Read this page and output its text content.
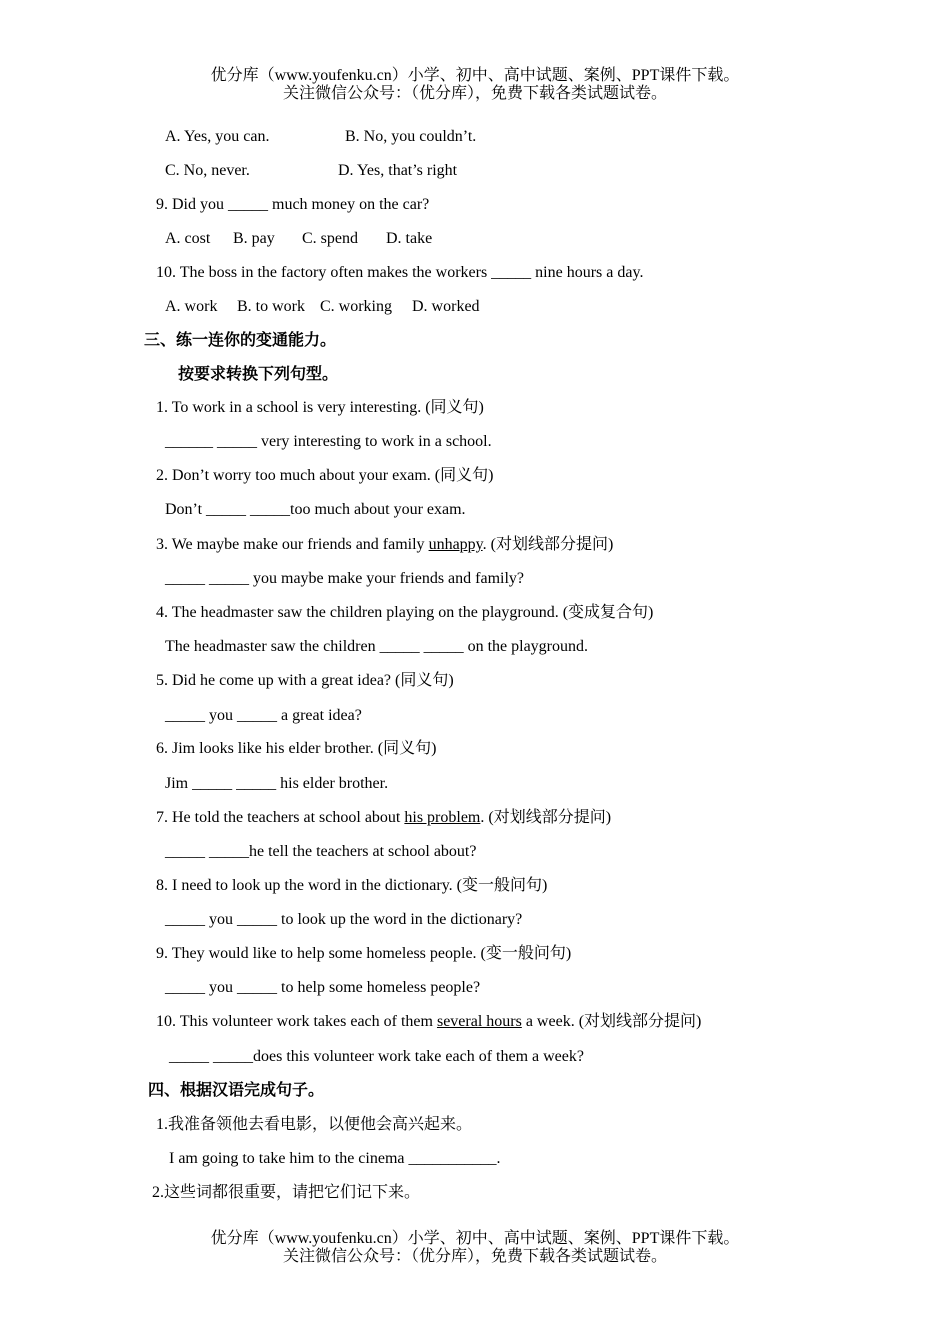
优分库（www.youfenku.cn）小学、初中、高中试题、案例、PPT课件下载。
关注微信公众号：（优分库），免费下载各类试题试卷。
A. Yes, you can.	B. No, you couldn’t.
C. No, never.	D. Yes, that’s right
9. Did you _____ much money on the car?
A. cost B. pay C. spend D. take
10. The boss in the factory often makes the workers _____ nine hours a day.
A. work B. to work C. working D. worked
三、练一连你的变通能力。
按要求转换下列句型。
1. To work in a school is very interesting. (同义句)
______ _____ very interesting to work in a school.
2. Don’t worry too much about your exam. (同义句)
Don’t _____ _____too much about your exam.
3. We maybe make our friends and family unhappy. (对划线部分提问)
_____ _____ you maybe make your friends and family?
4. The headmaster saw the children playing on the playground. (变成复合句)
The headmaster saw the children _____ _____ on the playground.
5. Did he come up with a great idea? (同义句)
_____ you _____ a great idea?
6. Jim looks like his elder brother. (同义句)
Jim _____ _____ his elder brother.
7. He told the teachers at school about his problem. (对划线部分提问)
_____ _____he tell the teachers at school about?
8. I need to look up the word in the dictionary. (变一般问句)
_____ you _____ to look up the word in the dictionary?
9. They would like to help some homeless people. (变一般问句)
_____ you _____ to help some homeless people?
10. This volunteer work takes each of them several hours a week. (对划线部分提问)
_____ _____does this volunteer work take each of them a week?
四、根据汉语完成句子。
1.我准备领他去看电影，以便他会高兴起来。
I am going to take him to the cinema ___________.
2.这些词都很重要，请把它们记下来。
优分库（www.youfenku.cn）小学、初中、高中试题、案例、PPT课件下载。
关注微信公众号：（优分库），免费下载各类试题试卷。
